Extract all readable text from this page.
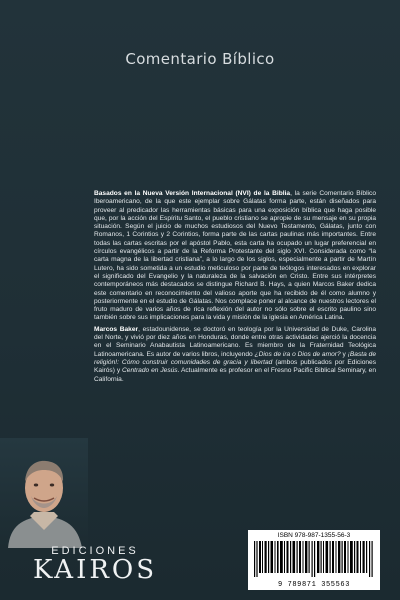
Comentario Bíblico

Basados en la Nueva Versión Internacional (NVI) de la Biblia, la serie Comentario Bíblico Iberoamericano, de la que este ejemplar sobre Gálatas forma parte, están diseñados para proveer al predicador las herramientas básicas para una exposición bíblica que haga posible que, por la acción del Espíritu Santo, el pueblo cristiano se apropie de su mensaje en su propia situación. Según el juicio de muchos estudiosos del Nuevo Testamento, Gálatas, junto con Romanos, 1 Corintios y 2 Corintios, forma parte de las cartas paulinas más importantes. Entre todas las cartas escritas por el apóstol Pablo, esta carta ha ocupado un lugar preferencial en círculos evangélicos a partir de la Reforma Protestante del siglo XVI. Considerada como “la carta magna de la libertad cristiana”, a lo largo de los siglos, especialmente a partir de Martín Lutero, ha sido sometida a un estudio meticuloso por parte de teólogos interesados en explorar el significado del Evangelio y la naturaleza de la salvación en Cristo. Entre sus intérpretes contemporáneos más destacados se distingue Richard B. Hays, a quien Marcos Baker dedica este comentario en reconocimiento del valioso aporte que ha recibido de él como alumno y posteriormente en el estudio de Gálatas. Nos complace poner al alcance de nuestros lectores el fruto maduro de varios años de rica reflexión del autor no sólo sobre el escrito paulino sino también sobre sus implicaciones para la vida y misión de la iglesia en América Latina.

Marcos Baker, estadounidense, se doctoró en teología por la Universidad de Duke, Carolina del Norte, y vivió por diez años en Honduras, donde entre otras actividades ajerció la docencia en el Seminario Anabautista Latinoamericano. Es miembro de la Fraternidad Teológica Latinoamericana. Es autor de varios libros, incluyendo ¿Dios de ira o Dios de amor? y ¡Basta de religión!: Cómo construir comunidades de gracia y libertad (ambos publicados por Ediciones Kairós) y Centrado en Jesús. Actualmente es profesor en el Fresno Pacific Biblical Seminary, en California.

EDICIONES
KAIROS
ISBN 978-987-1355-56-3
9 789871 355563
